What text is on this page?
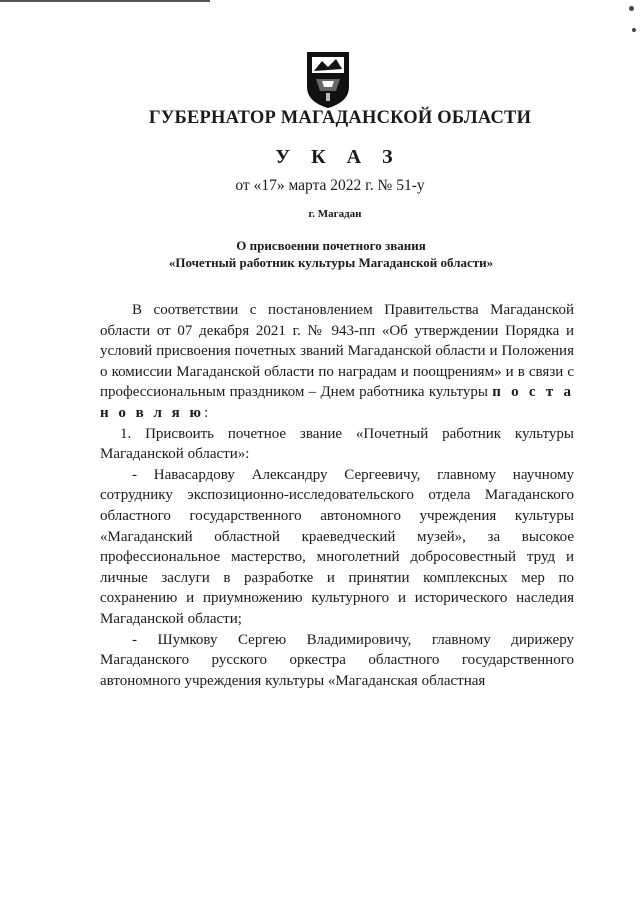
ГУБЕРНАТОР МАГАДАНСКОЙ ОБЛАСТИ
У К А З
от «17» марта 2022 г. № 51-у
г. Магадан
О присвоении почетного звания
«Почетный работник культуры Магаданской области»

В соответствии с постановлением Правительства Магаданской области от 07 декабря 2021 г. № 943-пп «Об утверждении Порядка и условий присвоения почетных званий Магаданской области и Положения о комиссии Магаданской области по наградам и поощрениям» и в связи с профессиональным праздником – Днем работника культуры п о с т а н о в л я ю:

1. Присвоить почетное звание «Почетный работник культуры Магаданской области»:

- Навасардову Александру Сергеевичу, главному научному сотруднику экспозиционно-исследовательского отдела Магаданского областного государственного автономного учреждения культуры «Магаданский областной краеведческий музей», за высокое профессиональное мастерство, многолетний добросовестный труд и личные заслуги в разработке и принятии комплексных мер по сохранению и приумножению культурного и исторического наследия Магаданской области;

- Шумкову Сергею Владимировичу, главному дирижеру Магаданского русского оркестра областного государственного автономного учреждения культуры «Магаданская областная
